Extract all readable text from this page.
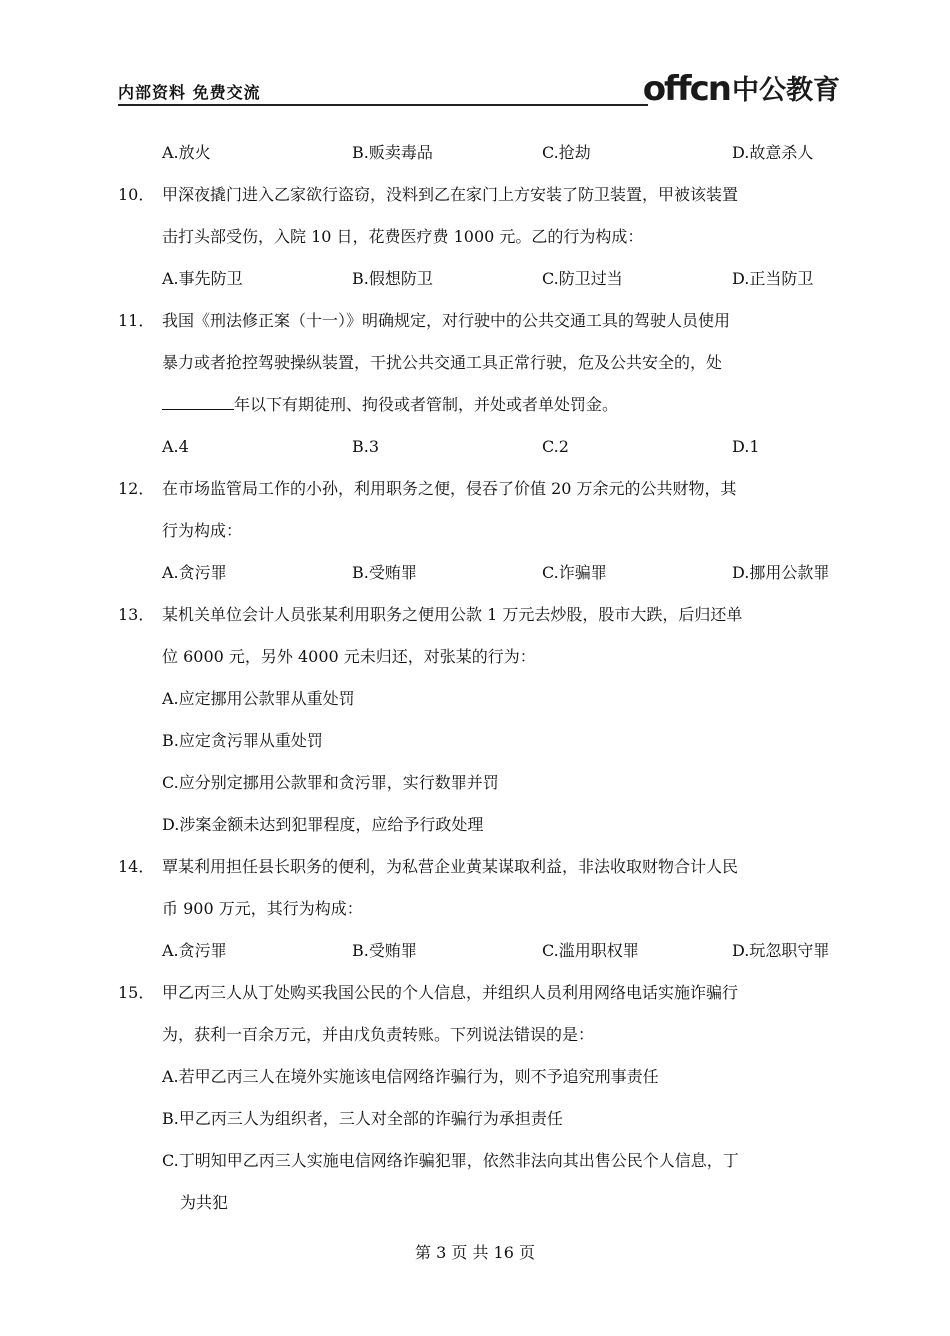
内部资料 免费交流	offcn 中公教育
A.放火	B.贩卖毒品	C.抢劫	D.故意杀人
10． 甲深夜撬门进入乙家欲行盗窃，没料到乙在家门上方安装了防卫装置，甲被该装置
击打头部受伤，入院 10 日，花费医疗费 1000 元。乙的行为构成：
A.事先防卫	B.假想防卫	C.防卫过当	D.正当防卫
11． 我国《刑法修正案（十一）》明确规定，对行驶中的公共交通工具的驾驶人员使用
暴力或者抢控驾驶操纵装置，干扰公共交通工具正常行驶，危及公共安全的，处
年以下有期徒刑、拘役或者管制，并处或者单处罚金。
A.4	B.3	C.2	D.1
12． 在市场监管局工作的小孙，利用职务之便，侵吞了价值 20 万余元的公共财物，其
行为构成：
A.贪污罪	B.受贿罪	C.诈骗罪	D.挪用公款罪
13． 某机关单位会计人员张某利用职务之便用公款 1 万元去炒股，股市大跌，后归还单
位 6000 元，另外 4000 元未归还，对张某的行为：
A.应定挪用公款罪从重处罚
B.应定贪污罪从重处罚
C.应分别定挪用公款罪和贪污罪，实行数罪并罚
D.涉案金额未达到犯罪程度，应给予行政处理
14． 覃某利用担任县长职务的便利，为私营企业黄某谋取利益，非法收取财物合计人民
币 900 万元，其行为构成：
A.贪污罪	B.受贿罪	C.滥用职权罪	D.玩忽职守罪
15． 甲乙丙三人从丁处购买我国公民的个人信息，并组织人员利用网络电话实施诈骗行
为，获利一百余万元，并由戊负责转账。下列说法错误的是：
A.若甲乙丙三人在境外实施该电信网络诈骗行为，则不予追究刑事责任
B.甲乙丙三人为组织者，三人对全部的诈骗行为承担责任
C.丁明知甲乙丙三人实施电信网络诈骗犯罪，依然非法向其出售公民个人信息，丁
为共犯
第 3 页 共 16 页
